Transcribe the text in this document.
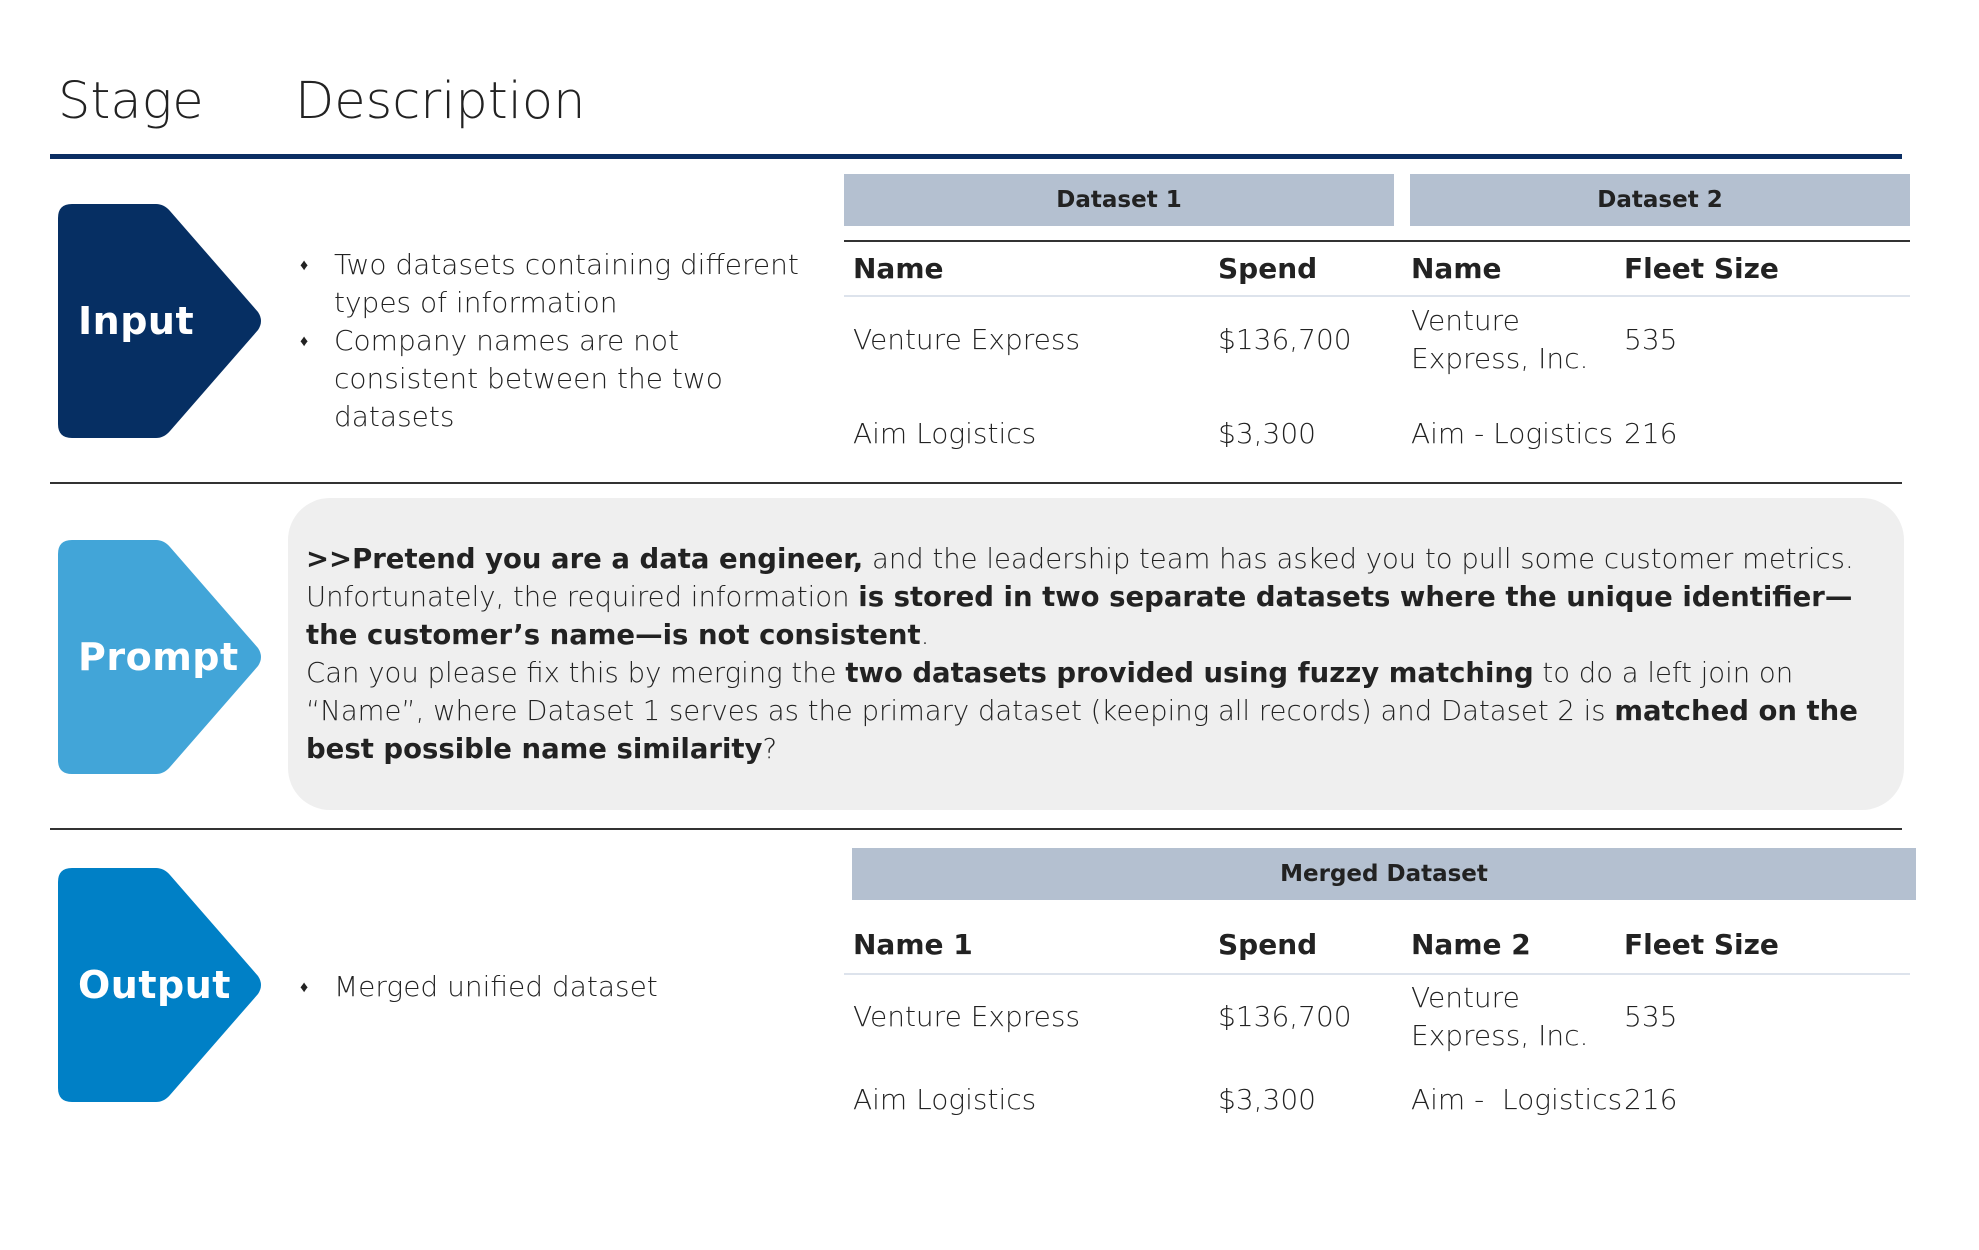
Stage Description
Input
♦ Two datasets containing different types of information
♦ Company names are not consistent between the two datasets
Dataset 1	Dataset 2
Name	Spend	Name	Fleet Size
Venture Express	$136,700
Venture Express, Inc.
535
Aim Logistics	$3,300	Aim - Logistics 216
Prompt
>>Pretend you are a data engineer, and the leadership team has asked you to pull some customer metrics. Unfortunately, the required information is stored in two separate datasets where the unique identifier—the customer’s name—is not consistent.
Can you please fix this by merging the two datasets provided using fuzzy matching to do a left join on “Name”, where Dataset 1 serves as the primary dataset (keeping all records) and Dataset 2 is matched on the best possible name similarity?
Output
♦	Merged unified dataset
Merged Dataset
Name 1	Spend	Name 2	Fleet Size
Venture Express	$136,700
Venture Express, Inc.
535
Aim Logistics	$3,300	Aim -  Logistics 216
